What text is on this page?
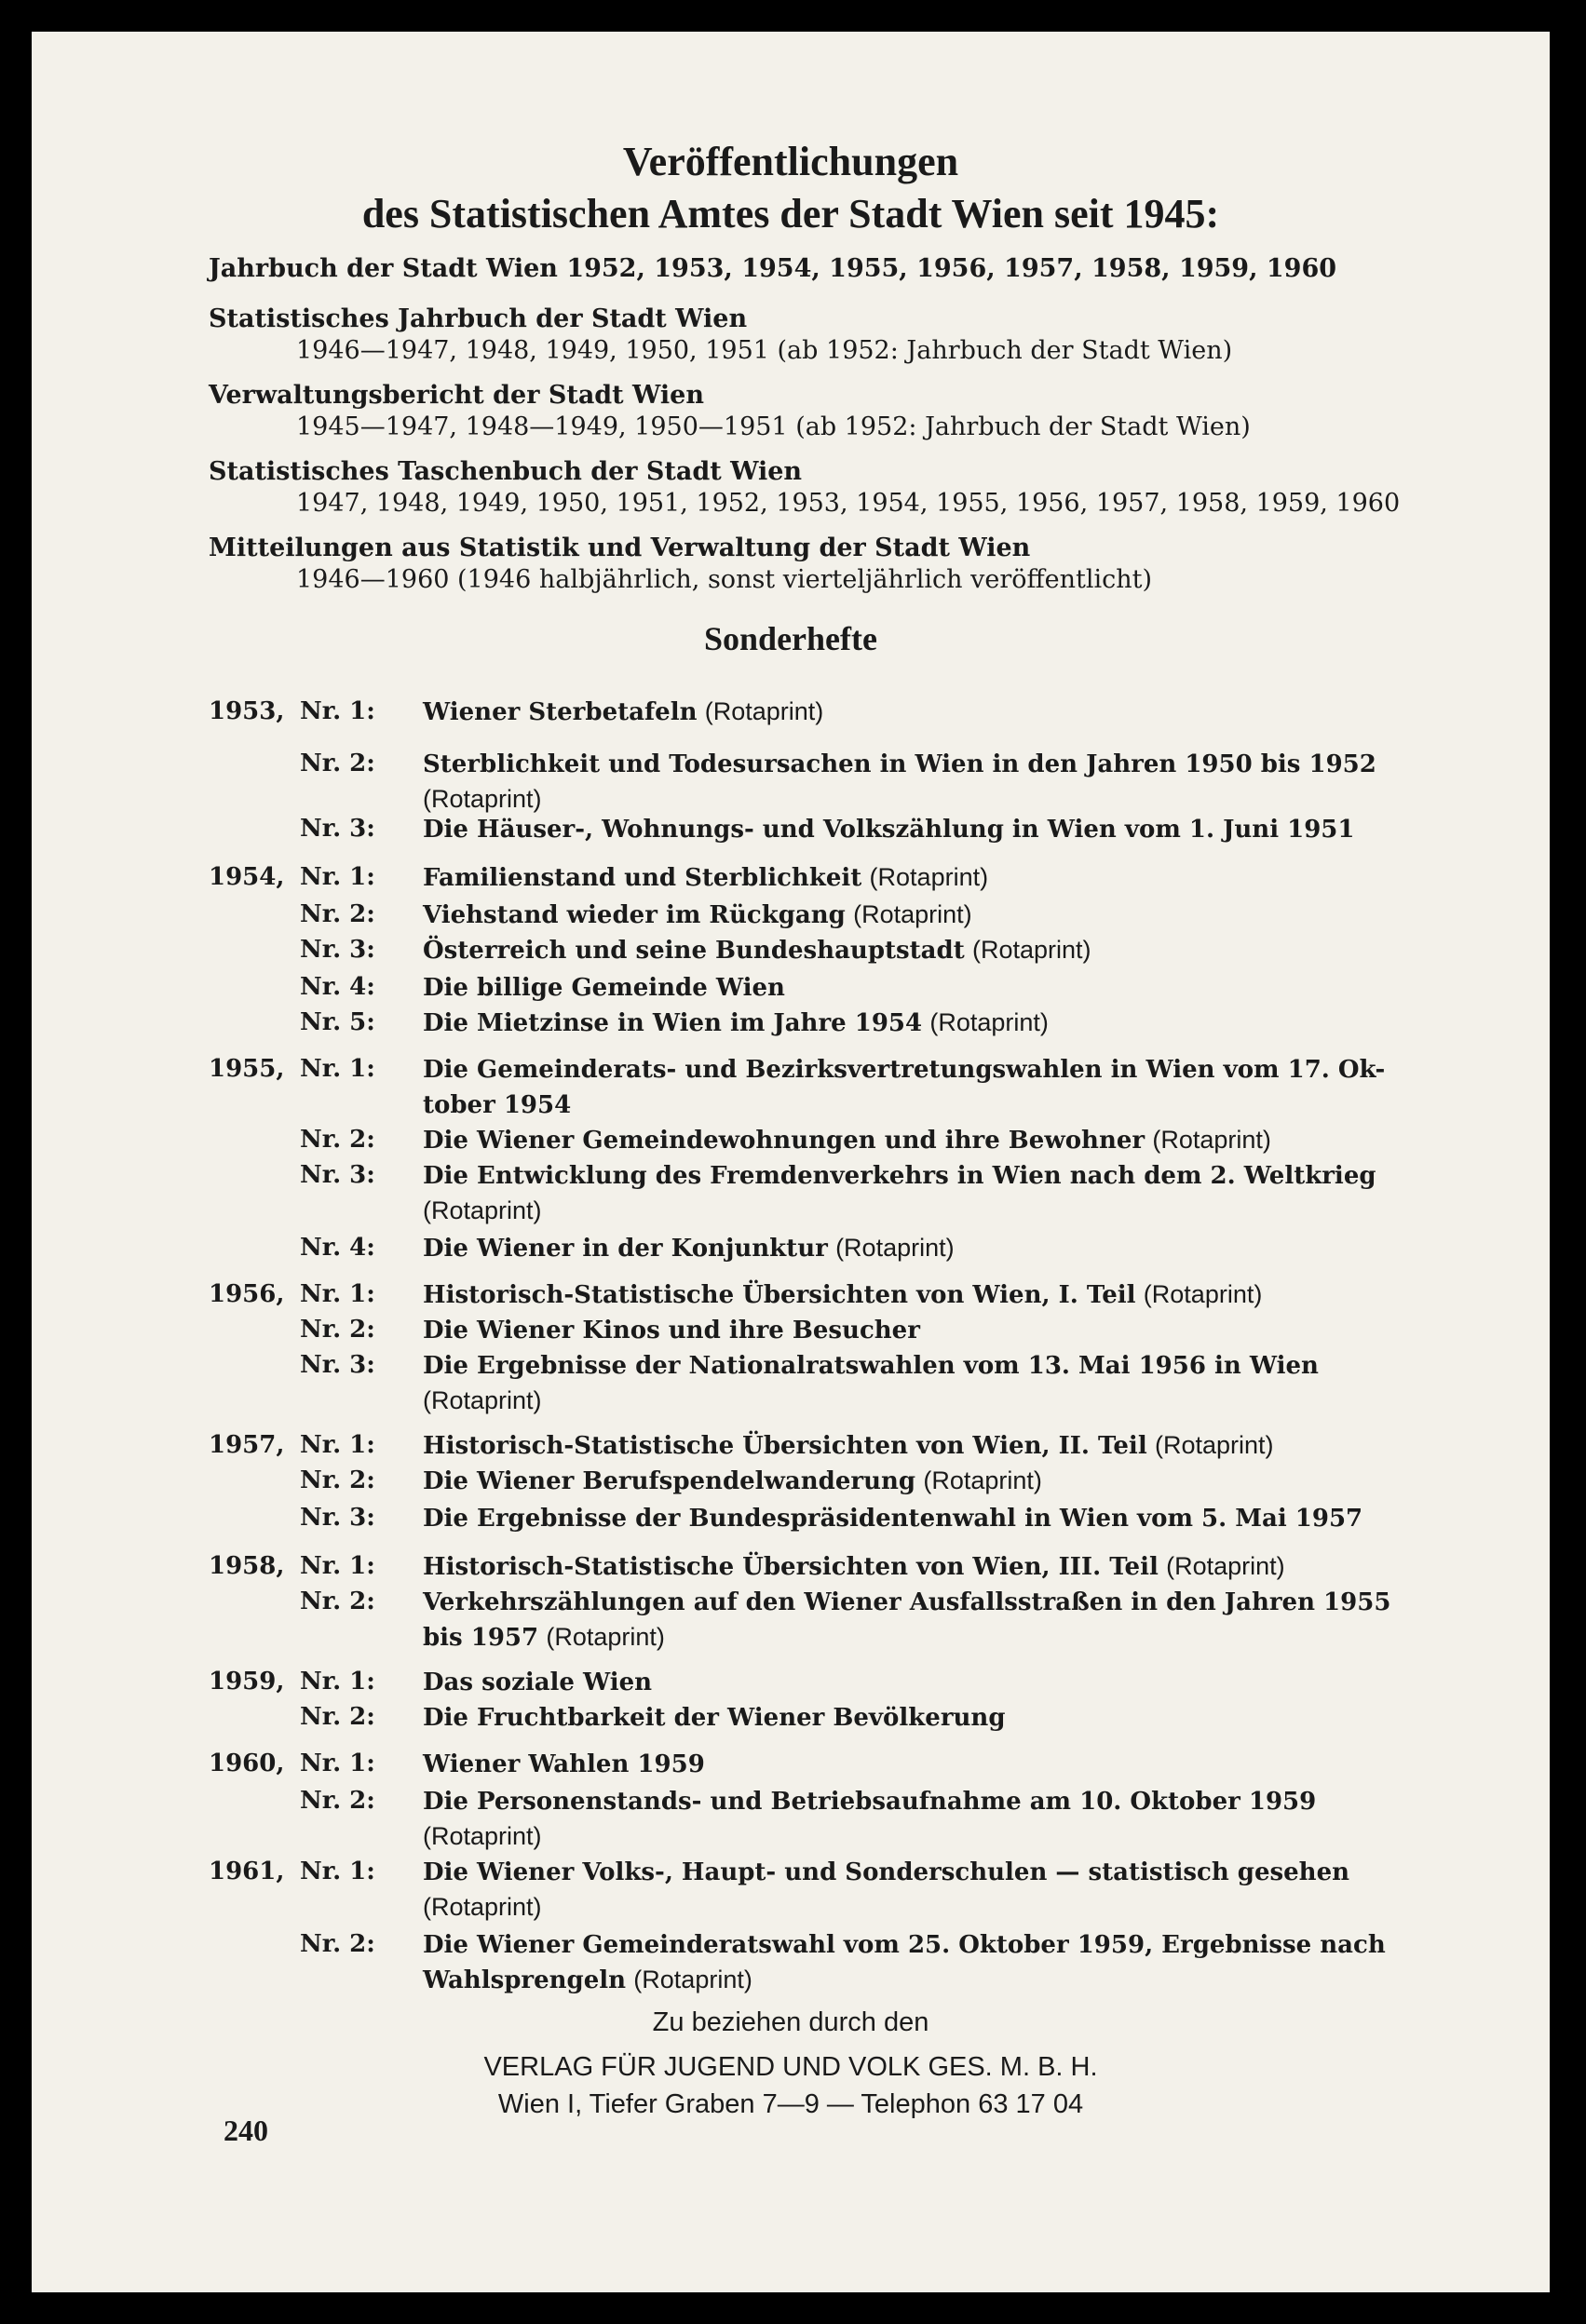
Veröffentlichungen
des Statistischen Amtes der Stadt Wien seit 1945:
Jahrbuch der Stadt Wien 1952, 1953, 1954, 1955, 1956, 1957, 1958, 1959, 1960
Statistisches Jahrbuch der Stadt Wien
1946—1947, 1948, 1949, 1950, 1951 (ab 1952: Jahrbuch der Stadt Wien)
Verwaltungsbericht der Stadt Wien
1945—1947, 1948—1949, 1950—1951 (ab 1952: Jahrbuch der Stadt Wien)
Statistisches Taschenbuch der Stadt Wien
1947, 1948, 1949, 1950, 1951, 1952, 1953, 1954, 1955, 1956, 1957, 1958, 1959, 1960
Mitteilungen aus Statistik und Verwaltung der Stadt Wien
1946—1960 (1946 halbjährlich, sonst vierteljährlich veröffentlicht)
Sonderhefte
1953, Nr. 1:	Wiener Sterbetafeln (Rotaprint)
Nr. 2:	Sterblichkeit und Todesursachen in Wien in den Jahren 1950 bis 1952
(Rotaprint)
Nr. 3:	Die Häuser-, Wohnungs- und Volkszählung in Wien vom 1. Juni 1951
1954, Nr. 1:	Familienstand und Sterblichkeit (Rotaprint)
Nr. 2:	Viehstand wieder im Rückgang (Rotaprint)
Nr. 3:	Österreich und seine Bundeshauptstadt (Rotaprint)
Nr. 4:	Die billige Gemeinde Wien
Nr. 5:	Die Mietzinse in Wien im Jahre 1954 (Rotaprint)
1955, Nr. 1:	Die Gemeinderats- und Bezirksvertretungswahlen in Wien vom 17. Ok-
tober 1954
Nr. 2:	Die Wiener Gemeindewohnungen und ihre Bewohner (Rotaprint)
Nr. 3:	Die Entwicklung des Fremdenverkehrs in Wien nach dem 2. Weltkrieg
(Rotaprint)
Nr. 4:	Die Wiener in der Konjunktur (Rotaprint)
1956, Nr. 1:	Historisch-Statistische Übersichten von Wien, I. Teil (Rotaprint)
Nr. 2:	Die Wiener Kinos und ihre Besucher
Nr. 3:	Die Ergebnisse der Nationalratswahlen vom 13. Mai 1956 in Wien
(Rotaprint)
1957, Nr. 1:	Historisch-Statistische Übersichten von Wien, II. Teil (Rotaprint)
Nr. 2:	Die Wiener Berufspendelwanderung (Rotaprint)
Nr. 3:	Die Ergebnisse der Bundespräsidentenwahl in Wien vom 5. Mai 1957
1958, Nr. 1:	Historisch-Statistische Übersichten von Wien, III. Teil (Rotaprint)
Nr. 2:	Verkehrszählungen auf den Wiener Ausfallsstraßen in den Jahren 1955
bis 1957 (Rotaprint)
1959, Nr. 1:	Das soziale Wien
Nr. 2:	Die Fruchtbarkeit der Wiener Bevölkerung
1960, Nr. 1:	Wiener Wahlen 1959
Nr. 2:	Die Personenstands- und Betriebsaufnahme am 10. Oktober 1959
(Rotaprint)
1961, Nr. 1:	Die Wiener Volks-, Haupt- und Sonderschulen — statistisch gesehen
(Rotaprint)
Nr. 2:	Die Wiener Gemeinderatswahl vom 25. Oktober 1959, Ergebnisse nach
Wahlsprengeln (Rotaprint)
Zu beziehen durch den
VERLAG FÜR JUGEND UND VOLK GES. M. B. H.
Wien I, Tiefer Graben 7—9 — Telephon 63 17 04
240
